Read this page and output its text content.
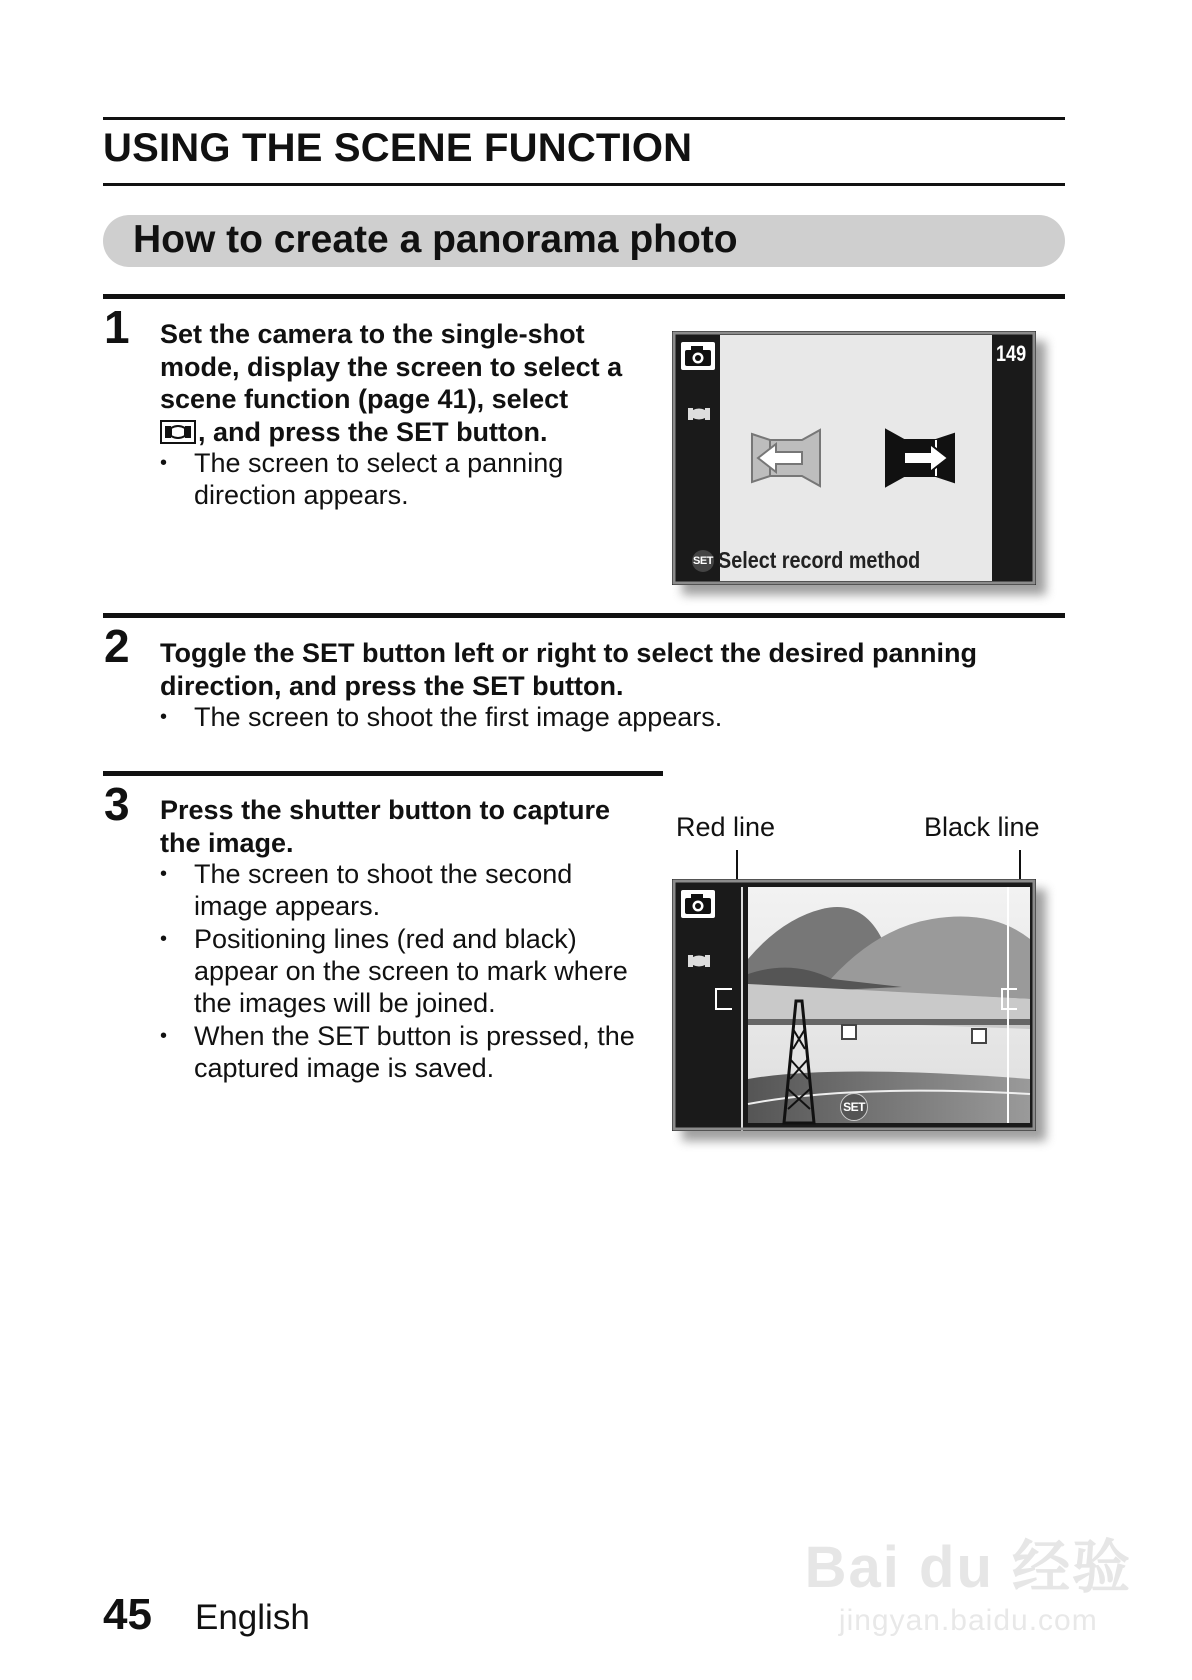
USING THE SCENE FUNCTION
How to create a panorama photo
1 Set the camera to the single-shot mode, display the screen to select a scene function (page 41), select

, and press the SET button.
• The screen to select a panning direction appears.
149
SET Select record method
2 Toggle the SET button left or right to select the desired panning direction, and press the SET button.
• The screen to shoot the first image appears.
3 Press the shutter button to capture the image.
• The screen to shoot the second image appears.
• Positioning lines (red and black) appear on the screen to mark where the images will be joined.
• When the SET button is pressed, the captured image is saved.
Red line	Black line
SET
45 English
Bai du 经验
jingyan.baidu.com
